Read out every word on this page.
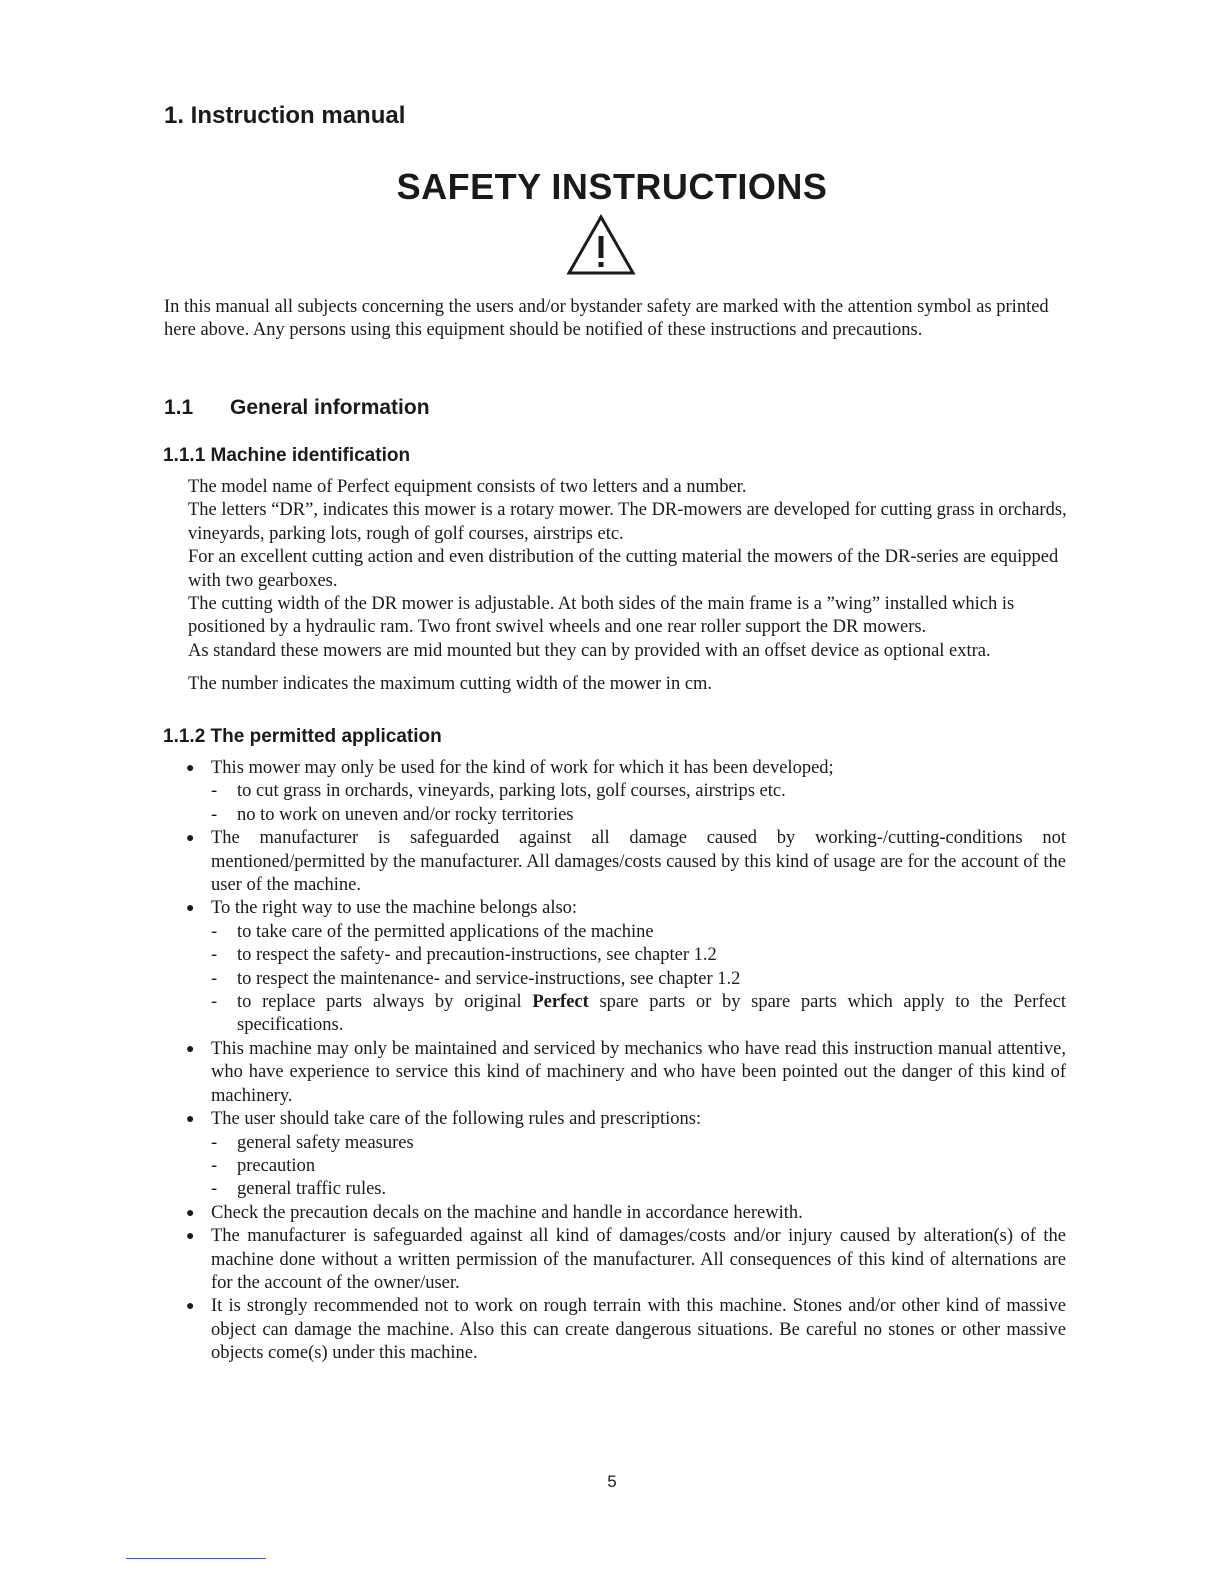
1. Instruction manual
SAFETY INSTRUCTIONS

In this manual all subjects concerning the users and/or bystander safety are marked with the attention symbol as printed here above. Any persons using this equipment should be notified of these instructions and precautions.

1.1 General information
1.1.1 Machine identification

The model name of Perfect equipment consists of two letters and a number.

The letters “DR”, indicates this mower is a rotary mower. The DR-mowers are developed for cutting grass in orchards, vineyards, parking lots, rough of golf courses, airstrips etc.

For an excellent cutting action and even distribution of the cutting material the mowers of the DR-series are equipped with two gearboxes.

The cutting width of the DR mower is adjustable. At both sides of the main frame is a ”wing” installed which is positioned by a hydraulic ram. Two front swivel wheels and one rear roller support the DR mowers.

As standard these mowers are mid mounted but they can by provided with an offset device as optional extra.

The number indicates the maximum cutting width of the mower in cm.

1.1.2 The permitted application
● This mower may only be used for the kind of work for which it has been developed;
- to cut grass in orchards, vineyards, parking lots, golf courses, airstrips etc.
- no to work on uneven and/or rocky territories
● The manufacturer is safeguarded against all damage caused by working-/cutting-conditions not mentioned/permitted by the manufacturer. All damages/costs caused by this kind of usage are for the account of the user of the machine.
● To the right way to use the machine belongs also:
- to take care of the permitted applications of the machine
- to respect the safety- and precaution-instructions, see chapter 1.2
- to respect the maintenance- and service-instructions, see chapter 1.2
- to replace parts always by original Perfect spare parts or by spare parts which apply to the Perfect specifications.
● This machine may only be maintained and serviced by mechanics who have read this instruction manual attentive, who have experience to service this kind of machinery and who have been pointed out the danger of this kind of machinery.
● The user should take care of the following rules and prescriptions:
- general safety measures
- precaution
- general traffic rules.
● Check the precaution decals on the machine and handle in accordance herewith.
● The manufacturer is safeguarded against all kind of damages/costs and/or injury caused by alteration(s) of the machine done without a written permission of the manufacturer. All consequences of this kind of alternations are for the account of the owner/user.
● It is strongly recommended not to work on rough terrain with this machine. Stones and/or other kind of massive object can damage the machine. Also this can create dangerous situations. Be careful no stones or other massive objects come(s) under this machine.
5
